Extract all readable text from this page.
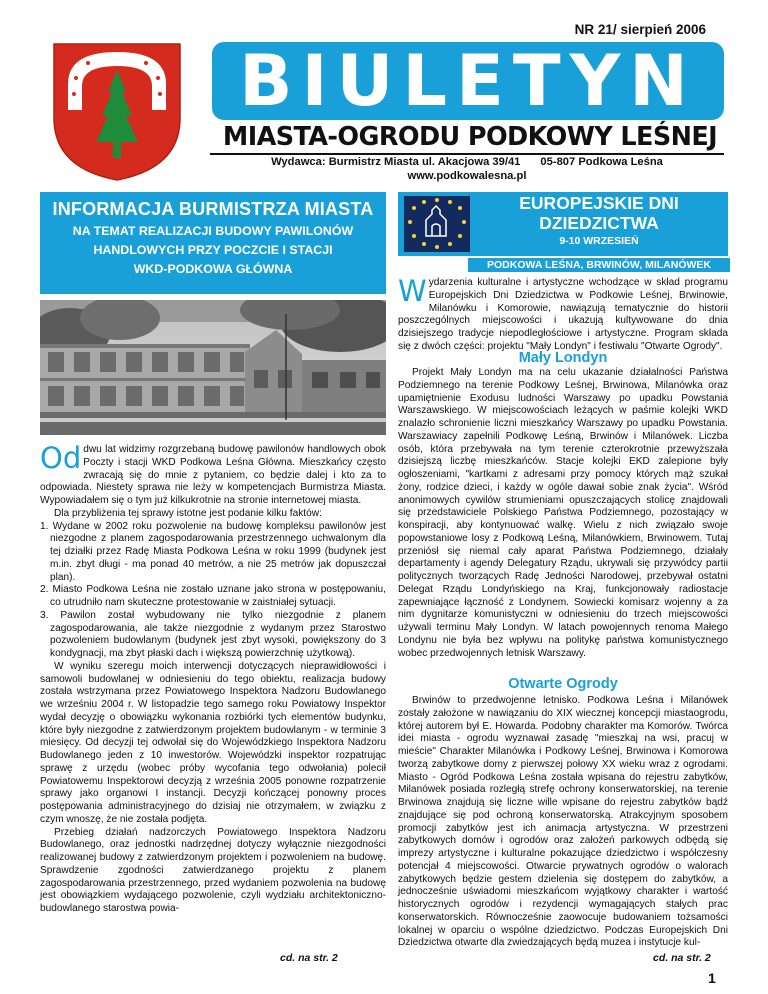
NR 21/ sierpień 2006
BIULETYN
MIASTA-OGRODU PODKOWY LEŚNEJ
Wydawca: Burmistrz Miasta ul. Akacjowa 39/41 05-807 Podkowa Leśna
www.podkowalesna.pl
INFORMACJA BURMISTRZA MIASTA
NA TEMAT REALIZACJI BUDOWY PAWILONÓW
HANDLOWYCH PRZY POCZCIE I STACJI
WKD-PODKOWA GŁÓWNA

Od dwu lat widzimy rozgrzebaną budowę pawilonów handlowych obok Poczty i stacji WKD Podkowa Leśna Główna. Mieszkańcy często zwracają się do mnie z pytaniem, co będzie dalej i kto za to odpowiada. Niestety sprawa nie leży w kompetencjach Burmistrza Miasta. Wypowiadałem się o tym już kilkukrotnie na stronie internetowej miasta.

Dla przybliżenia tej sprawy istotne jest podanie kilku faktów:

1. Wydane w 2002 roku pozwolenie na budowę kompleksu pawilonów jest niezgodne z planem zagospodarowania przestrzennego uchwalonym dla tej działki przez Radę Miasta Podkowa Leśna w roku 1999 (budynek jest m.in. zbyt długi - ma ponad 40 metrów, a nie 25 metrów jak dopuszczał plan).
2. Miasto Podkowa Leśna nie zostało uznane jako strona w postępowaniu, co utrudniło nam skuteczne protestowanie w zaistniałej sytuacji.
3. Pawilon został wybudowany nie tylko niezgodnie z planem zagospodarowania, ale także niezgodnie z wydanym przez Starostwo pozwoleniem budowlanym (budynek jest zbyt wysoki, powiększony do 3 kondygnacji, ma zbyt płaski dach i większą powierzchnię użytkową).

W wyniku szeregu moich interwencji dotyczących nieprawidłowości i samowoli budowlanej w odniesieniu do tego obiektu, realizacja budowy została wstrzymana przez Powiatowego Inspektora Nadzoru Budowlanego we wrześniu 2004 r. W listopadzie tego samego roku Powiatowy Inspektor wydał decyzję o obowiązku wykonania rozbiórki tych elementów budynku, które były niezgodne z zatwierdzonym projektem budowlanym - w terminie 3 miesięcy. Od decyzji tej odwołał się do Wojewódzkiego Inspektora Nadzoru Budowlanego jeden z 10 inwestorów. Wojewódzki inspektor rozpatrując sprawę z urzędu (wobec próby wycofania tego odwołania) polecił Powiatowemu Inspektorowi decyzją z września 2005 ponowne rozpatrzenie sprawy jako organowi I instancji. Decyzji kończącej ponowny proces postępowania administracyjnego do dzisiaj nie otrzymałem, w związku z czym wnoszę, że nie została podjęta.

Przebieg działań nadzorczych Powiatowego Inspektora Nadzoru Budowlanego, oraz jednostki nadrzędnej dotyczy wyłącznie niezgodności realizowanej budowy z zatwierdzonym projektem i pozwoleniem na budowę. Sprawdzenie zgodności zatwierdzanego projektu z planem zagospodarowania przestrzennego, przed wydaniem pozwolenia na budowę jest obowiązkiem wydającego pozwolenie, czyli wydziału architektoniczno-budowlanego starostwa powia-

cd. na str. 2
EUROPEJSKIE DNI
DZIEDZICTWA
9-10 WRZESIEŃ
PODKOWA LEŚNA, BRWINÓW, MILANÓWEK

Wydarzenia kulturalne i artystyczne wchodzące w skład programu Europejskich Dni Dziedzictwa w Podkowie Leśnej, Brwinowie, Milanówku i Komorowie, nawiązują tematycznie do historii poszczególnych miejscowości i ukazują kultywowane do dnia dzisiejszego tradycje niepodległościowe i artystyczne. Program składa się z dwóch części: projektu "Mały Londyn" i festiwalu "Otwarte Ogrody".

Mały Londyn

Projekt Mały Londyn ma na celu ukazanie działalności Państwa Podziemnego na terenie Podkowy Leśnej, Brwinowa, Milanówka oraz upamiętnienie Exodusu ludności Warszawy po upadku Powstania Warszawskiego. W miejscowościach leżących w paśmie kolejki WKD znalazło schronienie liczni mieszkańcy Warszawy po upadku Powstania. Warszawiacy zapełnili Podkowę Leśną, Brwinów i Milanówek. Liczba osób, która przebywała na tym terenie czterokrotnie przewyższała dzisiejszą liczbę mieszkańców. Stacje kolejki EKD zalepione były ogłoszeniami, "kartkami z adresami przy pomocy których mąż szukał żony, rodzice dzieci, i każdy w ogóle dawał sobie znak życia". Wśród anonimowych cywilów strumieniami opuszczających stolicę znajdowali się przedstawiciele Polskiego Państwa Podziemnego, pozostający w konspiracji, aby kontynuować walkę. Wielu z nich związało swoje popowstaniowe losy z Podkową Leśną, Milanówkiem, Brwinowem. Tutaj przeniósł się niemal cały aparat Państwa Podziemnego, działały departamenty i agendy Delegatury Rządu, ukrywali się przywódcy partii politycznych tworzących Radę Jedności Narodowej, przebywał ostatni Delegat Rządu Londyńskiego na Kraj, funkcjonowały radiostacje zapewniające łączność z Londynem. Sowiecki komisarz wojenny a za nim dygnitarze komunistyczni w odniesieniu do trzech miejscowości używali terminu Mały Londyn. W latach powojennych renoma Małego Londynu nie była bez wpływu na politykę państwa komunistycznego wobec przedwojennych letnisk Warszawy.

Otwarte Ogrody

Brwinów to przedwojenne letnisko. Podkowa Leśna i Milanówek zostały założone w nawiązaniu do XIX wiecznej koncepcji miastaogrodu, której autorem był E. Howarda. Podobny charakter ma Komorów. Twórca idei miasta - ogrodu wyznawał zasadę "mieszkaj na wsi, pracuj w mieście" Charakter Milanówka i Podkowy Leśnej, Brwinowa i Komorowa tworzą zabytkowe domy z pierwszej połowy XX wieku wraz z ogrodami. Miasto - Ogród Podkowa Leśna została wpisana do rejestru zabytków, Milanówek posiada rozległą strefę ochrony konserwatorskiej, na terenie Brwinowa znajdują się liczne wille wpisane do rejestru zabytków bądź znajdujące się pod ochroną konserwatorską. Atrakcyjnym sposobem promocji zabytków jest ich animacja artystyczna. W przestrzeni zabytkowych domów i ogrodów oraz założeń parkowych odbędą się imprezy artystyczne i kulturalne pokazujące dziedzictwo i współczesny potencjał 4 miejscowości. Otwarcie prywatnych ogrodów o walorach zabytkowych będzie gestem dzielenia się dostępem do zabytków, a jednocześnie uświadomi mieszkańcom wyjątkowy charakter i wartość historycznych ogrodów i rezydencji wymagających stałych prac konserwatorskich. Równocześnie zaowocuje budowaniem tożsamości lokalnej w oparciu o wspólne dziedzictwo. Podczas Europejskich Dni Dziedzictwa otwarte dla zwiedzających będą muzea i instytucje kul-

cd. na str. 2
1
